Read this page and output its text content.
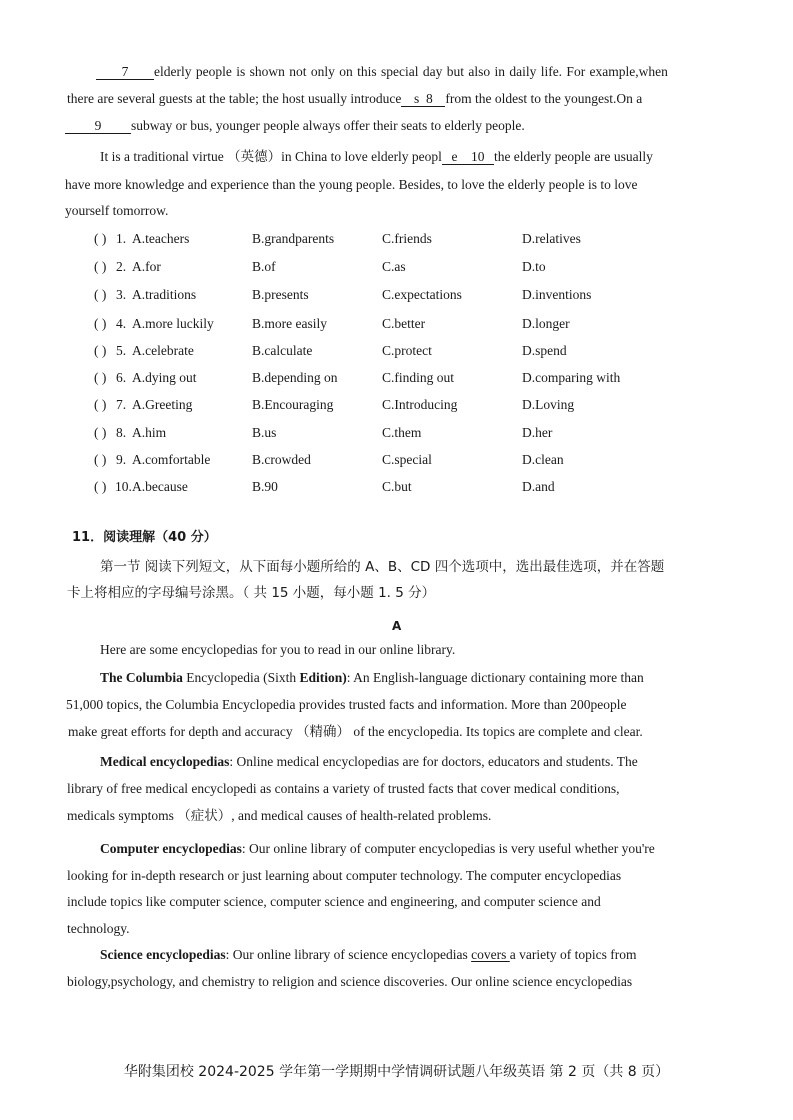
7 elderly people is shown not only on this special day but also in daily life. For example,when
there are several guests at the table; the host usually introduce s 8 from the oldest to the youngest.On a
9 subway or bus, younger people always offer their seats to elderly people.
It is a traditional virtue （英德）in China to love elderly peopl e 10 the elderly people are usually
have more knowledge and experience than the young people. Besides, to love the elderly people is to love
yourself tomorrow.
( ) 1. A.teachers	B.grandparents	C.friends	D.relatives
( ) 2. A.for	B.of	C.as	D.to
( ) 3. A.traditions	B.presents	C.expectations	D.inventions
( ) 4. A.more luckily	B.more easily	C.better	D.longer
( ) 5. A.celebrate	B.calculate	C.protect	D.spend
( ) 6. A.dying out	B.depending on	C.finding out	D.comparing with
( ) 7. A.Greeting	B.Encouraging	C.Introducing	D.Loving
( ) 8. A.him	B.us	C.them	D.her
( ) 9. A.comfortable	B.crowded	C.special	D.clean
( ) 10. A.because	B.90	C.but	D.and
11．阅读理解（40 分）
第一节 阅读下列短文，从下面每小题所给的 A、B、CD 四个选项中，选出最佳选项，并在答题
卡上将相应的字母编号涂黑。（ 共 15 小题，每小题 1. 5 分）
A
Here are some encyclopedias for you to read in our online library.
The Columbia Encyclopedia (Sixth Edition): An English-language dictionary containing more than
51,000 topics, the Columbia Encyclopedia provides trusted facts and information. More than 200people
make great efforts for depth and accuracy （精确） of the encyclopedia. Its topics are complete and clear.
Medical encyclopedias: Online medical encyclopedias are for doctors, educators and students. The
library of free medical encyclopedi as contains a variety of trusted facts that cover medical conditions,
medicals symptoms （症状）, and medical causes of health-related problems.
Computer encyclopedias: Our online library of computer encyclopedias is very useful whether you're
looking for in-depth research or just learning about computer technology. The computer encyclopedias
include topics like computer science, computer science and engineering, and computer science and
technology.
Science encyclopedias: Our online library of science encyclopedias covers a variety of topics from
biology,psychology, and chemistry to religion and science discoveries. Our online science encyclopedias
华附集团校 2024-2025 学年第一学期期中学情调研试题八年级英语 第 2 页（共 8 页）
